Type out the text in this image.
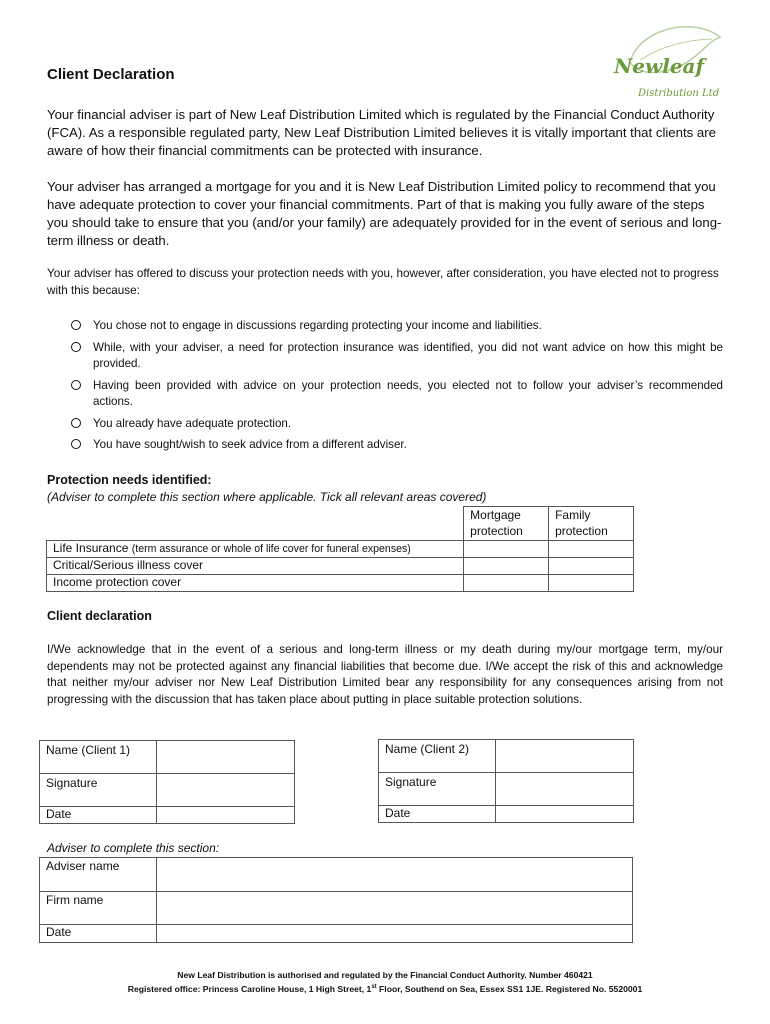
Client Declaration	Newleaf
Distribution Ltd

Your financial adviser is part of New Leaf Distribution Limited which is regulated by the Financial Conduct Authority (FCA). As a responsible regulated party, New Leaf Distribution Limited believes it is vitally important that clients are aware of how their financial commitments can be protected with insurance.

Your adviser has arranged a mortgage for you and it is New Leaf Distribution Limited policy to recommend that you have adequate protection to cover your financial commitments. Part of that is making you fully aware of the steps you should take to ensure that you (and/or your family) are adequately provided for in the event of serious and long-term illness or death.

Your adviser has offered to discuss your protection needs with you, however, after consideration, you have elected not to progress with this because:

You chose not to engage in discussions regarding protecting your income and liabilities.
While, with your adviser, a need for protection insurance was identified, you did not want advice on how this might be provided.
Having been provided with advice on your protection needs, you elected not to follow your adviser’s recommended actions.
You already have adequate protection.
You have sought/wish to seek advice from a different adviser.
Protection needs identified:
(Adviser to complete this section where applicable. Tick all relevant areas covered)
	Mortgage protection	Family protection
Life Insurance (term assurance or whole of life cover for funeral expenses)		
Critical/Serious illness cover		
Income protection cover		
Client declaration

I/We acknowledge that in the event of a serious and long-term illness or my death during my/our mortgage term, my/our dependents may not be protected against any financial liabilities that become due. I/We accept the risk of this and acknowledge that neither my/our adviser nor New Leaf Distribution Limited bear any responsibility for any consequences arising from not progressing with the discussion that has taken place about putting in place suitable protection solutions.

Name (Client 1)	
Signature	
Date	
Name (Client 2)	
Signature	
Date	
Adviser to complete this section:
Adviser name	
Firm name	
Date	
New Leaf Distribution is authorised and regulated by the Financial Conduct Authority. Number 460421
Registered office: Princess Caroline House, 1 High Street, 1st Floor, Southend on Sea, Essex SS1 1JE. Registered No. 5520001
